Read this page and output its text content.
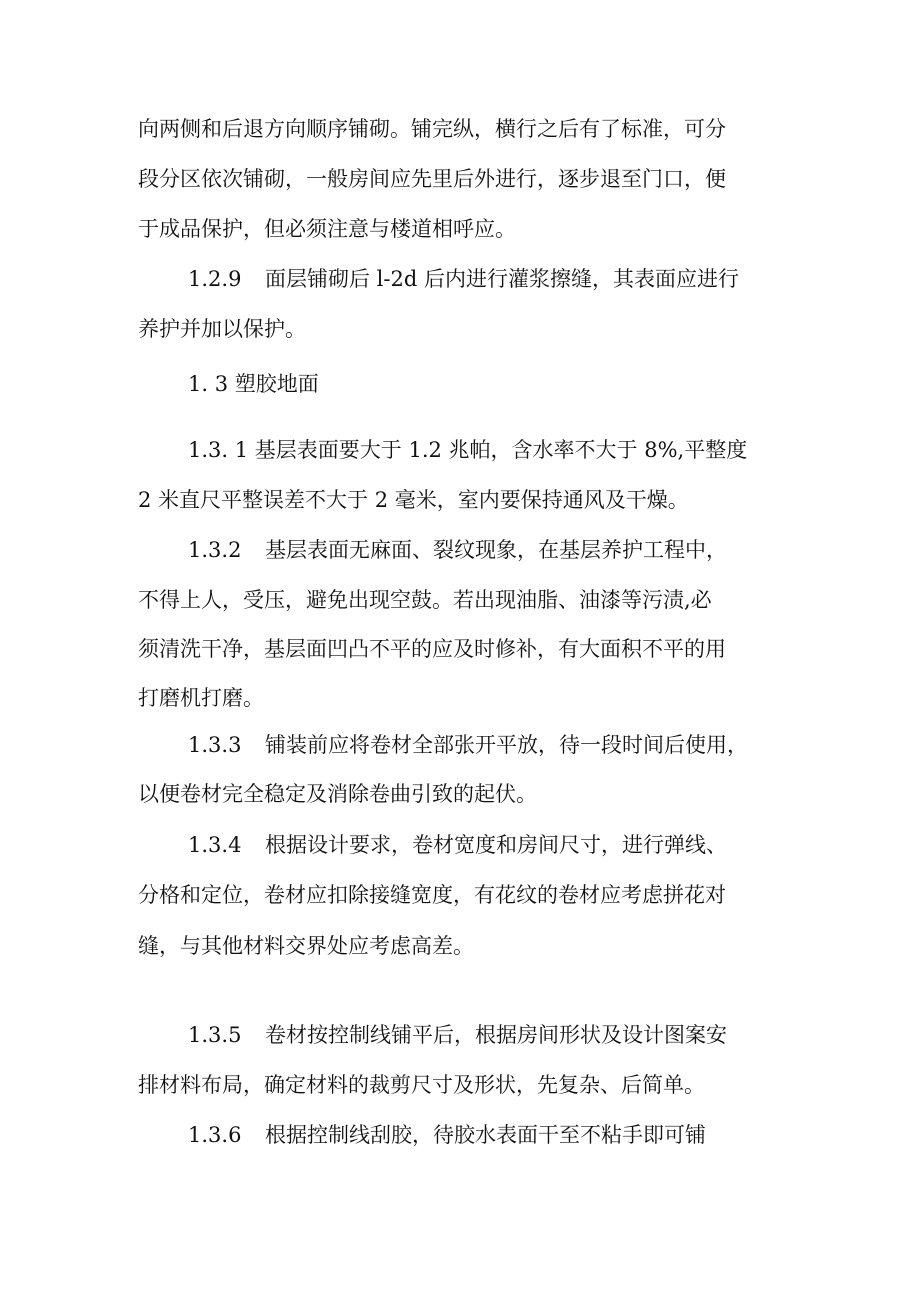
向两侧和后退方向顺序铺砌。铺完纵，横行之后有了标准，可分
段分区依次铺砌，一般房间应先里后外进行，逐步退至门口，便
于成品保护，但必须注意与楼道相呼应。
1.2.9 面层铺砌后 l-2d 后内进行灌浆擦缝，其表面应进行
养护并加以保护。
1. 3 塑胶地面
1.3. 1 基层表面要大于 1.2 兆帕，含水率不大于 8%,平整度
2 米直尺平整误差不大于 2 毫米，室内要保持通风及干燥。
1.3.2 基层表面无麻面、裂纹现象，在基层养护工程中，
不得上人，受压，避免出现空鼓。若出现油脂、油漆等污渍,必
须清洗干净，基层面凹凸不平的应及时修补，有大面积不平的用
打磨机打磨。
1.3.3 铺装前应将卷材全部张开平放，待一段时间后使用，
以便卷材完全稳定及消除卷曲引致的起伏。
1.3.4 根据设计要求，卷材宽度和房间尺寸，进行弹线、
分格和定位，卷材应扣除接缝宽度，有花纹的卷材应考虑拼花对
缝，与其他材料交界处应考虑高差。
1.3.5 卷材按控制线铺平后，根据房间形状及设计图案安
排材料布局，确定材料的裁剪尺寸及形状，先复杂、后简单。
1.3.6 根据控制线刮胶，待胶水表面干至不粘手即可铺
